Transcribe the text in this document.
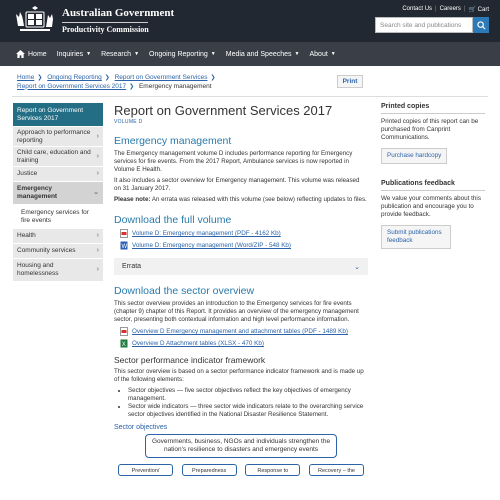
Australian Government
Productivity Commission
Contact Us | Careers | 🛒 Cart
Search site and publications
Home Inquiries ▼ Research ▼ Ongoing Reporting ▼ Media and Speeches ▼ About ▼
Home ❯ Ongoing Reporting ❯ Report on Government Services ❯
Report on Government Services 2017 ❯ Emergency management
Print
Report on Government Services 2017
Approach to performance reporting
›
Child care, education and training
›
Justice	›
Emergency management
⌄
Emergency services for fire events
Health	›
Community services	›
Housing and homelessness
›
Report on Government Services 2017
VOLUME D
Emergency management
The Emergency management volume D includes performance reporting for Emergency services for fire events. From the 2017 Report, Ambulance services is now reported in Volume E Health.
It also includes a sector overview for Emergency management. This volume was released on 31 January 2017.
Please note: An errata was released with this volume (see below) reflecting updates to files.
Download the full volume
Volume D: Emergency management (PDF - 4162 Kb)
W Volume D: Emergency management (Word/ZIP - 548 Kb)
Errata	⌄
Download the sector overview
This sector overview provides an introduction to the Emergency services for fire events (chapter 9) chapter of this Report. It provides an overview of the emergency management sector, presenting both contextual information and high level performance information.
Overview D Emergency management and attachment tables (PDF - 1489 Kb)
X Overview D Attachment tables (XLSX - 470 Kb)
Sector performance indicator framework
This sector overview is based on a sector performance indicator framework and is made up of the following elements:
• Sector objectives — five sector objectives reflect the key objectives of emergency management.
• Sector wide indicators — three sector wide indicators relate to the overarching service sector objectives identified in the National Disaster Resilience Statement.
Sector objectives
Governments, business, NGOs and individuals strengthen the nation's resilience to disasters and emergency events
Prevention/	Preparedness	Response to	Recovery – the
Printed copies
Printed copies of this report can be purchased from Canprint Communications.
Purchase hardcopy
Publications feedback
We value your comments about this publication and encourage you to provide feedback.
Submit publications feedback
